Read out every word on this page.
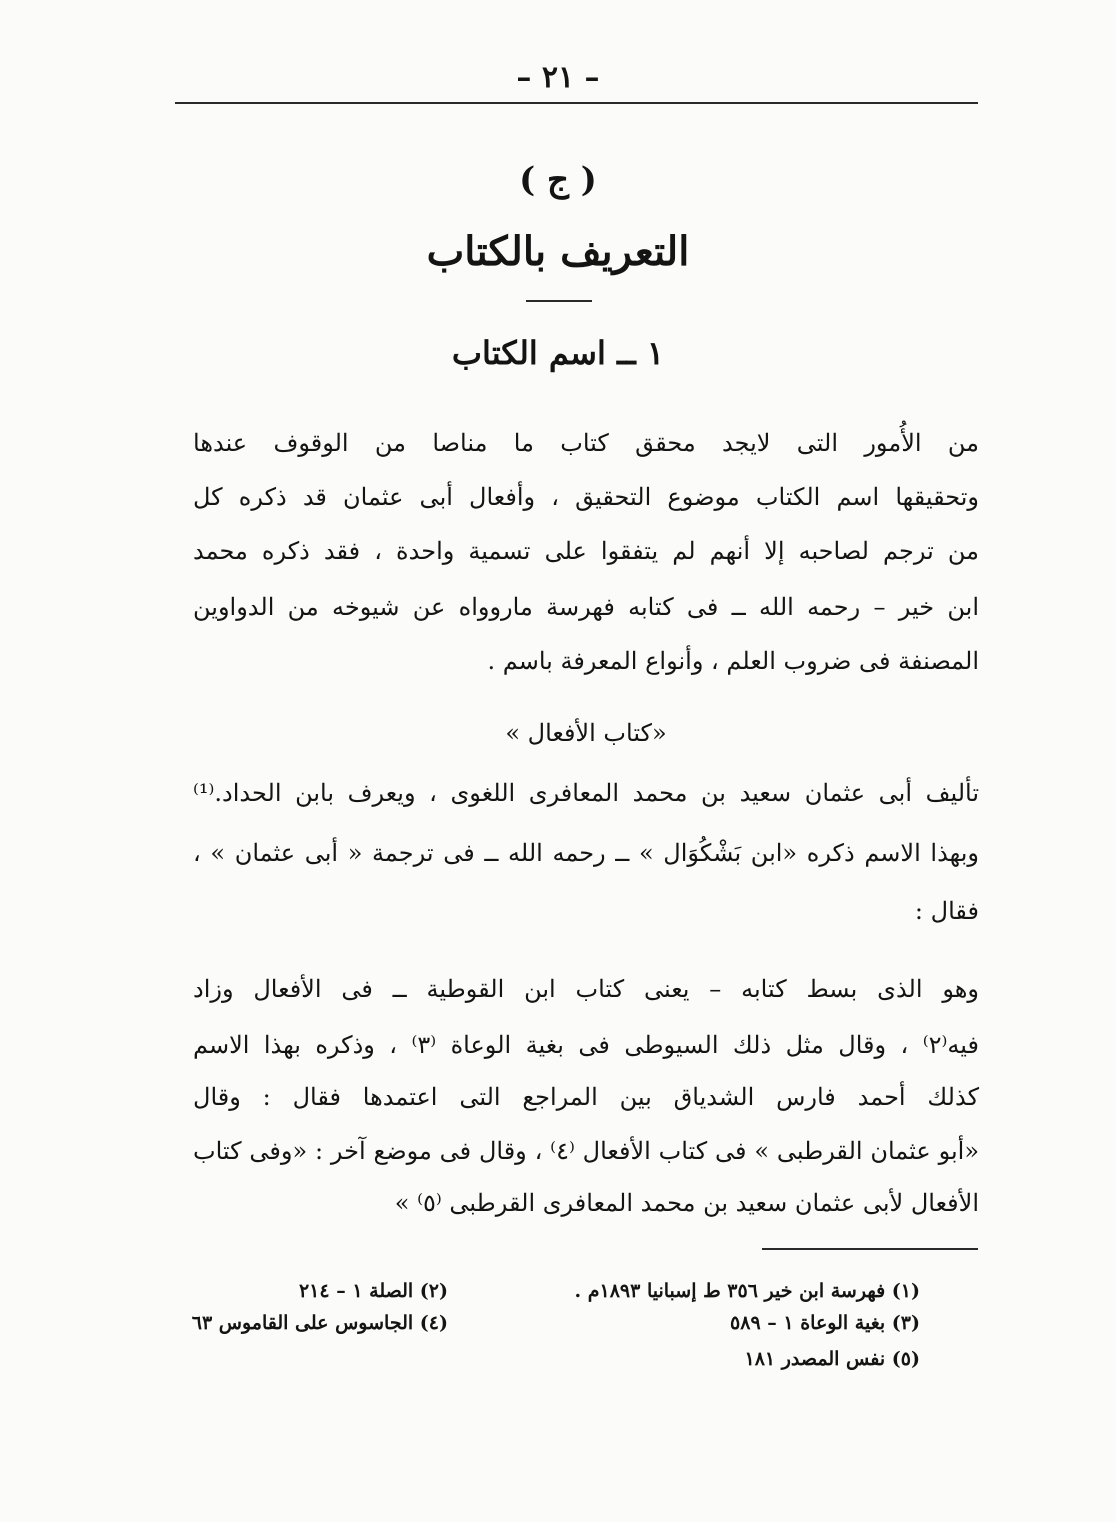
– ٢١ –
( ج )
التعريف بالكتاب
١ ــ اسم الكتاب
من الأُمور التى لايجد محقق كتاب ما مناصا من الوقوف عندها
وتحقيقها اسم الكتاب موضوع التحقيق ، وأفعال أبى عثمان قد ذكره كل
من ترجم لصاحبه إلا أنهم لم يتفقوا على تسمية واحدة ، فقد ذكره محمد
ابن خير – رحمه الله ــ فى كتابه فهرسة ماروواه عن شيوخه من الدواوين
المصنفة فى ضروب العلم ، وأنواع المعرفة باسم .
«كتاب الأفعال »
تأليف أبى عثمان سعيد بن محمد المعافرى اللغوى ، ويعرف بابن الحداد.⁽¹⁾
وبهذا الاسم ذكره «ابن بَشْكُوَال » ــ رحمه الله ــ فى ترجمة « أبى عثمان » ،
فقال :
وهو الذى بسط كتابه – يعنى كتاب ابن القوطية ــ فى الأفعال وزاد
فيه⁽٢⁾ ، وقال مثل ذلك السيوطى فى بغية الوعاة ⁽٣⁾ ، وذكره بهذا الاسم
كذلك أحمد فارس الشدياق بين المراجع التى اعتمدها فقال : وقال
«أبو عثمان القرطبى » فى كتاب الأفعال ⁽٤⁾ ، وقال فى موضع آخر : «وفى كتاب
الأفعال لأبى عثمان سعيد بن محمد المعافرى القرطبى ⁽٥⁾ »
(١) فهرسة ابن خير ٣٥٦ ط إسبانيا ١٨٩٣م .
(٢) الصلة ١ – ٢١٤
(٣) بغية الوعاة ١ – ٥٨٩
(٤) الجاسوس على القاموس ٦٣
(٥) نفس المصدر ١٨١
